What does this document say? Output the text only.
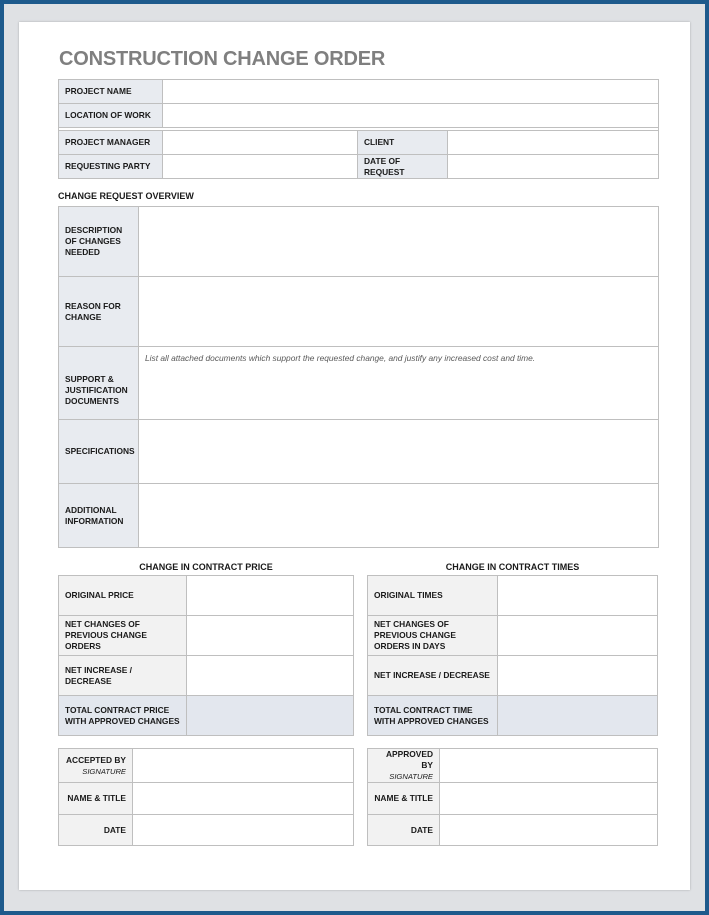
CONSTRUCTION CHANGE ORDER
PROJECT NAME			
LOCATION OF WORK			

PROJECT MANAGER		CLIENT	
REQUESTING PARTY		DATE OF REQUEST	
CHANGE REQUEST OVERVIEW
DESCRIPTION OF CHANGES NEEDED	
REASON FOR CHANGE	
SUPPORT & JUSTIFICATION DOCUMENTS	List all attached documents which support the requested change, and justify any increased cost and time.

SPECIFICATIONS	
ADDITIONAL INFORMATION	
CHANGE IN CONTRACT PRICE
ORIGINAL PRICE	
NET CHANGES OF PREVIOUS CHANGE ORDERS	
NET INCREASE / DECREASE	
TOTAL CONTRACT PRICE WITH APPROVED CHANGES	
CHANGE IN CONTRACT TIMES
ORIGINAL TIMES	
NET CHANGES OF PREVIOUS CHANGE ORDERS IN DAYS	
NET INCREASE / DECREASE	
TOTAL CONTRACT TIME WITH APPROVED CHANGES	
ACCEPTED BY
SIGNATURE	

NAME & TITLE	
DATE	
APPROVED BY
SIGNATURE	

NAME & TITLE	
DATE	
